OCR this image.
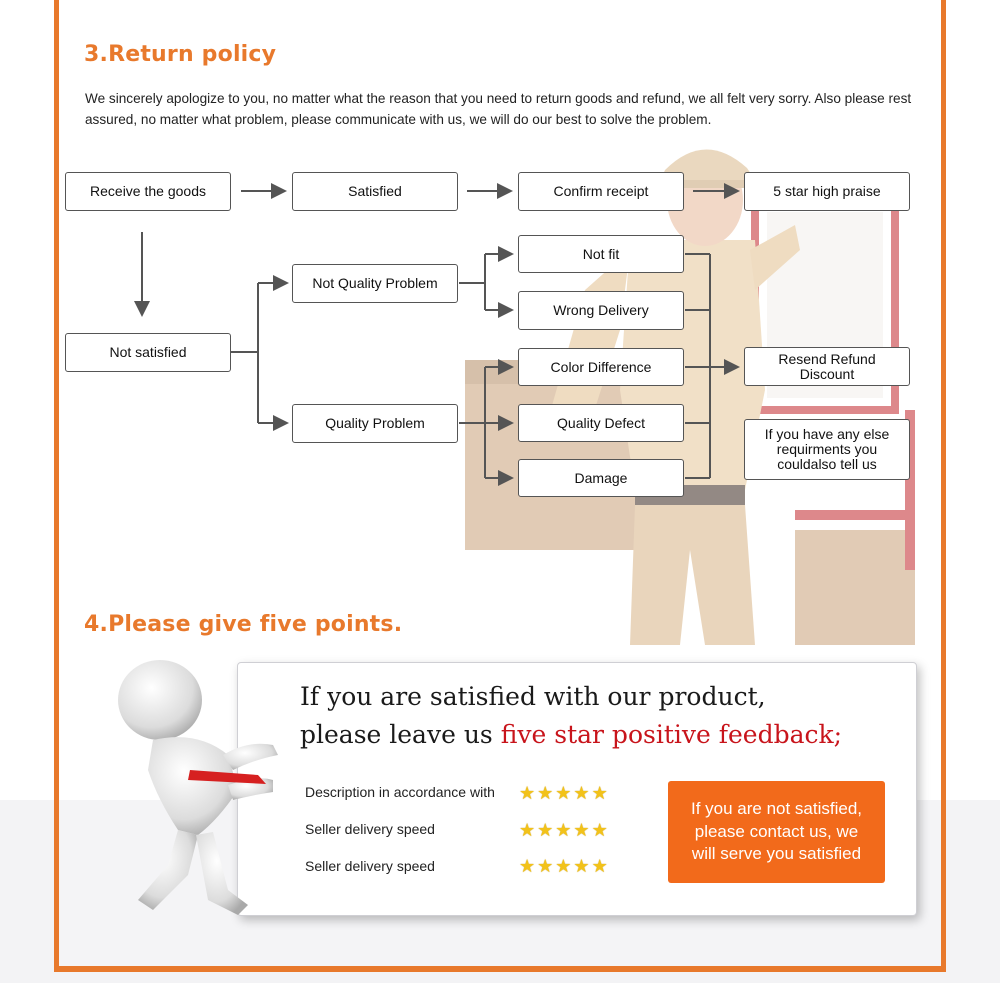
3.Return policy
We sincerely apologize to you, no matter what the reason that you need to return goods and refund, we all felt very sorry. Also please rest assured, no matter what problem, please communicate with us, we will do our best to solve the problem.
Receive the goods	Satisfied	Confirm receipt	5 star high praise
Not satisfied
Not Quality Problem
Quality Problem
Not fit
Wrong Delivery
Color Difference
Quality Defect
Damage
Resend Refund
Discount
If you have any else
requirments you
couldalso tell us
4.Please give five points.
If you are satisfied with our product,
please leave us five star positive feedback;
Description in accordance with ★ ★ ★ ★ ★
Seller delivery speed	★ ★ ★ ★ ★
Seller delivery speed	★ ★ ★ ★ ★
If you are not satisfied,
please contact us, we
will serve you satisfied
